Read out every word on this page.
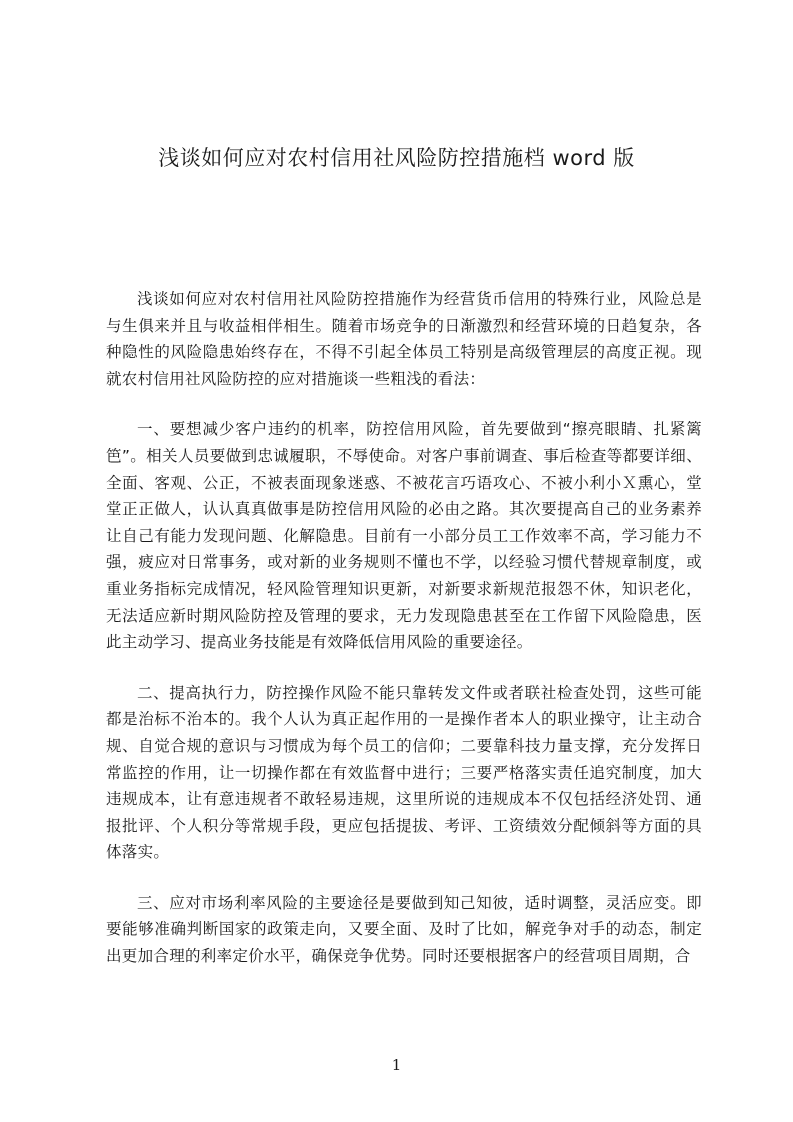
浅谈如何应对农村信用社风险防控措施档 word 版

浅谈如何应对农村信用社风险防控措施作为经营货币信用的特殊行业，风险总是与生俱来并且与收益相伴相生。随着市场竞争的日渐激烈和经营环境的日趋复杂，各种隐性的风险隐患始终存在，不得不引起全体员工特别是高级管理层的高度正视。现就农村信用社风险防控的应对措施谈一些粗浅的看法：

一、要想减少客户违约的机率，防控信用风险，首先要做到“擦亮眼睛、扎紧篱笆”。相关人员要做到忠诚履职，不辱使命。对客户事前调查、事后检查等都要详细、全面、客观、公正，不被表面现象迷惑、不被花言巧语攻心、不被小利小Ｘ熏心，堂堂正正做人，认认真真做事是防控信用风险的必由之路。其次要提高自己的业务素养让自己有能力发现问题、化解隐患。目前有一小部分员工工作效率不高，学习能力不强，疲应对日常事务，或对新的业务规则不懂也不学，以经验习惯代替规章制度，或重业务指标完成情况，轻风险管理知识更新，对新要求新规范报怨不休，知识老化，无法适应新时期风险防控及管理的要求，无力发现隐患甚至在工作留下风险隐患，医此主动学习、提高业务技能是有效降低信用风险的重要途径。

二、提高执行力，防控操作风险不能只靠转发文件或者联社检查处罚，这些可能都是治标不治本的。我个人认为真正起作用的一是操作者本人的职业操守，让主动合规、自觉合规的意识与习惯成为每个员工的信仰；二要靠科技力量支撑，充分发挥日常监控的作用，让一切操作都在有效监督中进行；三要严格落实责任追究制度，加大违规成本，让有意违规者不敢轻易违规，这里所说的违规成本不仅包括经济处罚、通报批评、个人积分等常规手段，更应包括提拔、考评、工资绩效分配倾斜等方面的具体落实。

三、应对市场利率风险的主要途径是要做到知己知彼，适时调整，灵活应变。即要能够准确判断国家的政策走向，又要全面、及时了比如，解竞争对手的动态，制定出更加合理的利率定价水平，确保竞争优势。同时还要根据客户的经营项目周期，合

1
